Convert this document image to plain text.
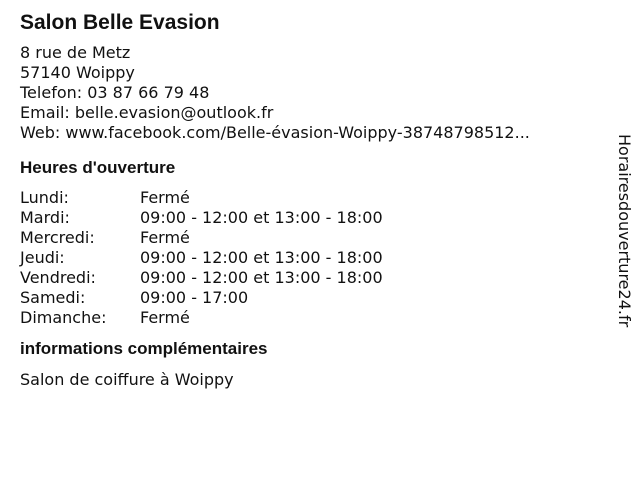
Salon Belle Evasion
8 rue de Metz
57140 Woippy
Telefon: 03 87 66 79 48
Email: belle.evasion@outlook.fr
Web: www.facebook.com/Belle-évasion-Woippy-38748798512...
Heures d'ouverture
Lundi:	Fermé
Mardi:	09:00 - 12:00 et 13:00 - 18:00
Mercredi:	Fermé
Jeudi:	09:00 - 12:00 et 13:00 - 18:00
Vendredi:	09:00 - 12:00 et 13:00 - 18:00
Samedi:	09:00 - 17:00
Dimanche:	Fermé
informations complémentaires
Salon de coiffure à Woippy
Horairesdouverture24.fr
